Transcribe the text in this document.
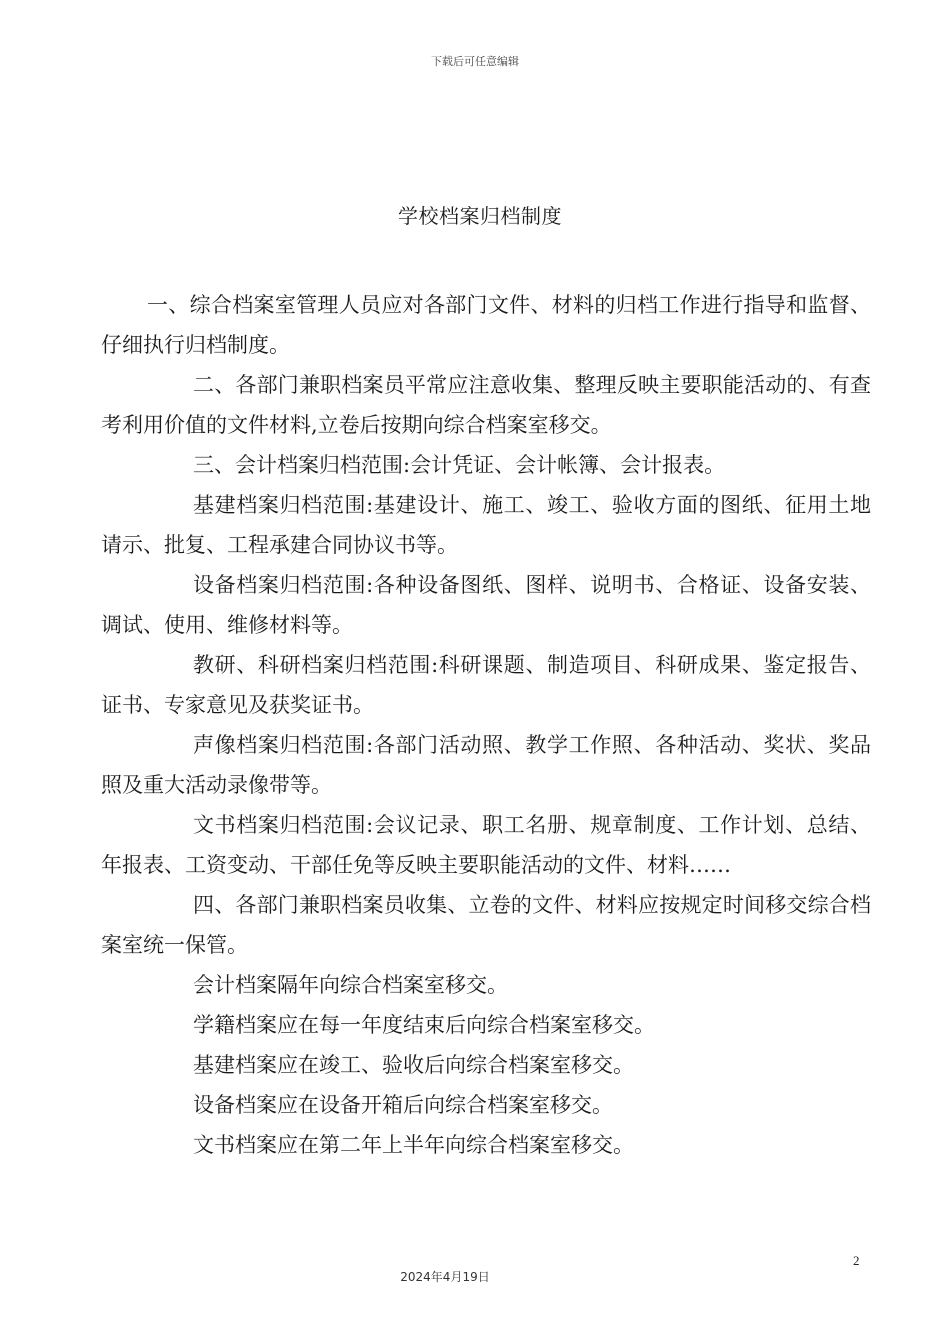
下载后可任意编辑
学校档案归档制度

一、综合档案室管理人员应对各部门文件、材料的归档工作进行指导和监督、仔细执行归档制度。

二、各部门兼职档案员平常应注意收集、整理反映主要职能活动的、有查考利用价值的文件材料,立卷后按期向综合档案室移交。

三、会计档案归档范围:会计凭证、会计帐簿、会计报表。

基建档案归档范围:基建设计、施工、竣工、验收方面的图纸、征用土地请示、批复、工程承建合同协议书等。

设备档案归档范围:各种设备图纸、图样、说明书、合格证、设备安装、调试、使用、维修材料等。

教研、科研档案归档范围:科研课题、制造项目、科研成果、鉴定报告、证书、专家意见及获奖证书。

声像档案归档范围:各部门活动照、教学工作照、各种活动、奖状、奖品照及重大活动录像带等。

文书档案归档范围:会议记录、职工名册、规章制度、工作计划、总结、年报表、工资变动、干部任免等反映主要职能活动的文件、材料……

四、各部门兼职档案员收集、立卷的文件、材料应按规定时间移交综合档案室统一保管。

会计档案隔年向综合档案室移交。

学籍档案应在每一年度结束后向综合档案室移交。

基建档案应在竣工、验收后向综合档案室移交。

设备档案应在设备开箱后向综合档案室移交。

文书档案应在第二年上半年向综合档案室移交。

2
2024年4月19日
